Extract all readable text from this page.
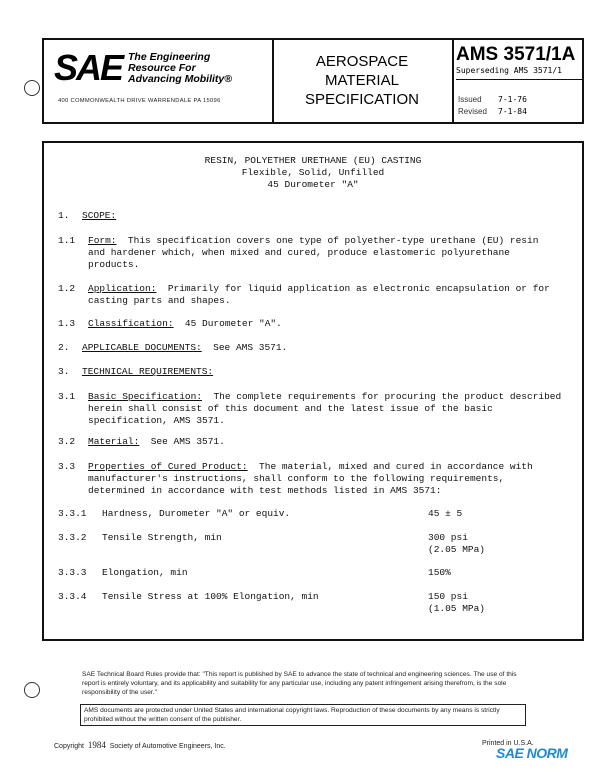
SAE The Engineering
Resource For
Advancing Mobility®
400 COMMONWEALTH DRIVE WARRENDALE PA 15096
AEROSPACE
MATERIAL
SPECIFICATION
AMS 3571/1A
Superseding AMS 3571/1
Issued 7-1-76
Revised 7-1-84
RESIN, POLYETHER URETHANE (EU) CASTING
Flexible, Solid, Unfilled
45 Durometer "A"
1. SCOPE:
1.1 Form: This specification covers one type of polyether-type urethane (EU) resin and hardener which, when mixed and cured, produce elastomeric polyurethane products.
1.2 Application: Primarily for liquid application as electronic encapsulation or for casting parts and shapes.
1.3 Classification: 45 Durometer "A".
2. APPLICABLE DOCUMENTS: See AMS 3571.
3. TECHNICAL REQUIREMENTS:
3.1 Basic Specification: The complete requirements for procuring the product described herein shall consist of this document and the latest issue of the basic specification, AMS 3571.
3.2 Material: See AMS 3571.
3.3 Properties of Cured Product: The material, mixed and cured in accordance with manufacturer's instructions, shall conform to the following requirements, determined in accordance with test methods listed in AMS 3571:
3.3.1 Hardness, Durometer "A" or equiv.	45 ± 5
3.3.2 Tensile Strength, min	300 psi
(2.05 MPa)
3.3.3 Elongation, min	150%
3.3.4 Tensile Stress at 100% Elongation, min	150 psi
(1.05 MPa)
SAE Technical Board Rules provide that: "This report is published by SAE to advance the state of technical and engineering sciences. The use of this report is entirely voluntary, and its applicability and suitability for any particular use, including any patent infringement arising therefrom, is the sole responsibility of the user."
AMS documents are protected under United States and international copyright laws. Reproduction of these documents by any means is strictly prohibited without the written consent of the publisher.
Copyright 1984 Society of Automotive Engineers, Inc.	Printed in U.S.A.
SAE NORM
